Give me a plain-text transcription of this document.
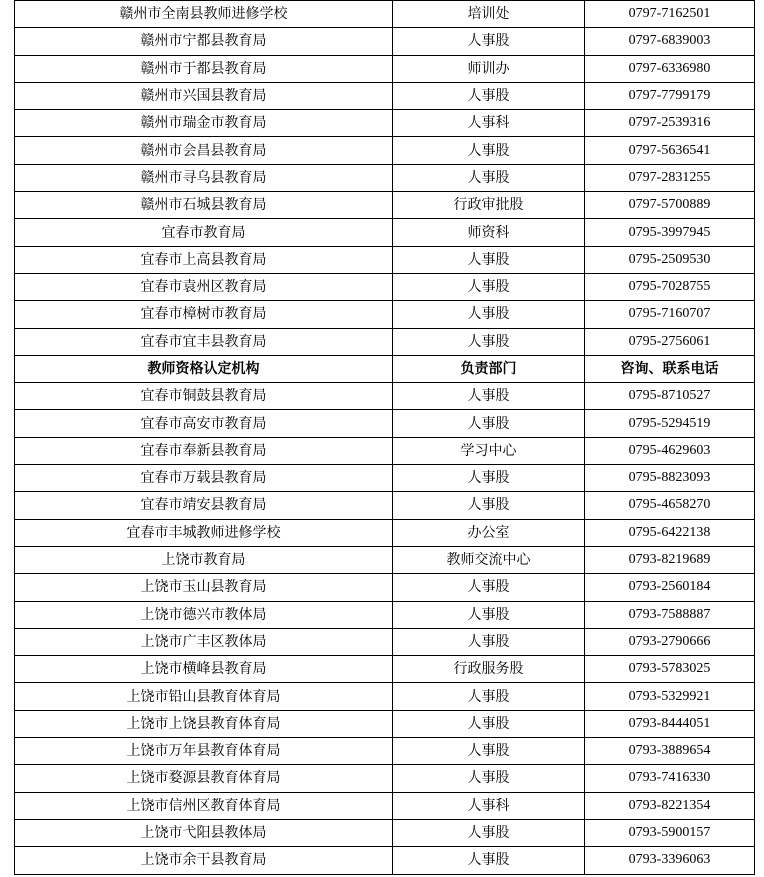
赣州市全南县教师进修学校	培训处	0797-7162501
赣州市宁都县教育局	人事股	0797-6839003
赣州市于都县教育局	师训办	0797-6336980
赣州市兴国县教育局	人事股	0797-7799179
赣州市瑞金市教育局	人事科	0797-2539316
赣州市会昌县教育局	人事股	0797-5636541
赣州市寻乌县教育局	人事股	0797-2831255
赣州市石城县教育局	行政审批股	0797-5700889
宜春市教育局	师资科	0795-3997945
宜春市上高县教育局	人事股	0795-2509530
宜春市袁州区教育局	人事股	0795-7028755
宜春市樟树市教育局	人事股	0795-7160707
宜春市宜丰县教育局	人事股	0795-2756061
教师资格认定机构	负责部门	咨询、联系电话
宜春市铜鼓县教育局	人事股	0795-8710527
宜春市高安市教育局	人事股	0795-5294519
宜春市奉新县教育局	学习中心	0795-4629603
宜春市万载县教育局	人事股	0795-8823093
宜春市靖安县教育局	人事股	0795-4658270
宜春市丰城教师进修学校	办公室	0795-6422138
上饶市教育局	教师交流中心	0793-8219689
上饶市玉山县教育局	人事股	0793-2560184
上饶市德兴市教体局	人事股	0793-7588887
上饶市广丰区教体局	人事股	0793-2790666
上饶市横峰县教育局	行政服务股	0793-5783025
上饶市铅山县教育体育局	人事股	0793-5329921
上饶市上饶县教育体育局	人事股	0793-8444051
上饶市万年县教育体育局	人事股	0793-3889654
上饶市婺源县教育体育局	人事股	0793-7416330
上饶市信州区教育体育局	人事科	0793-8221354
上饶市弋阳县教体局	人事股	0793-5900157
上饶市余干县教育局	人事股	0793-3396063
